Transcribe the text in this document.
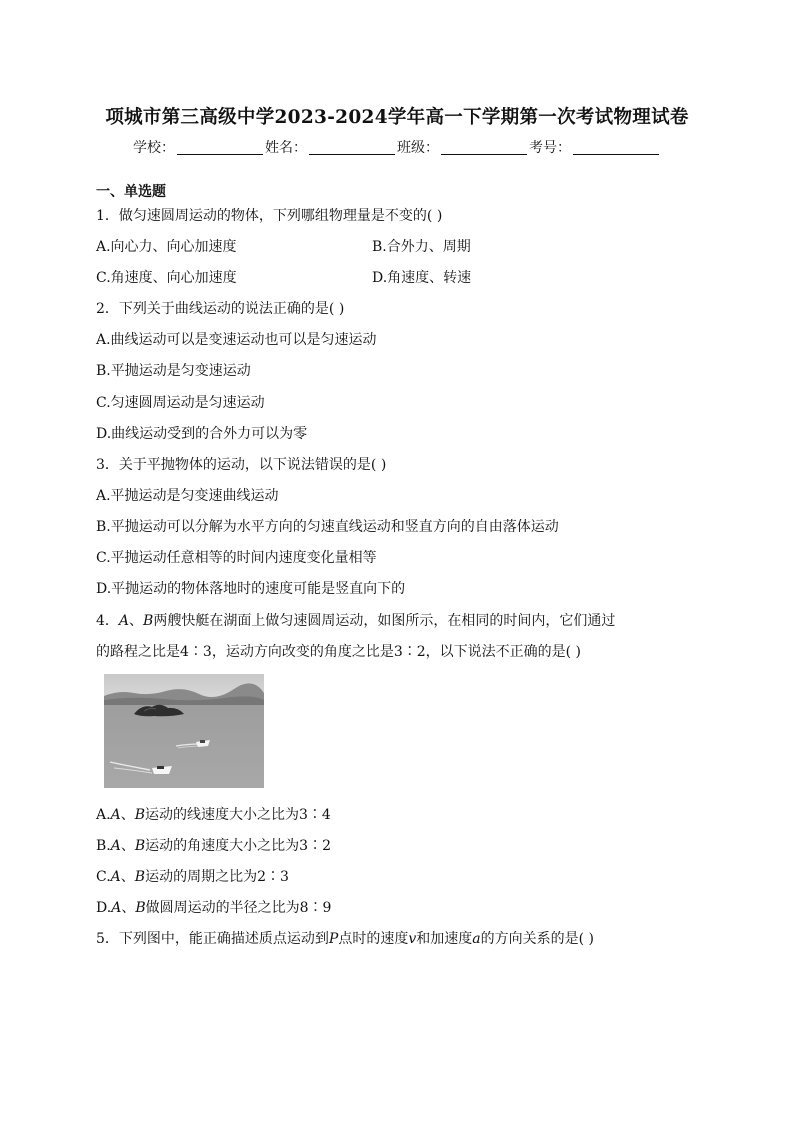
项城市第三高级中学2023-2024学年高一下学期第一次考试物理试卷
学校：	姓名：	班级：	考号：
一、单选题
1．做匀速圆周运动的物体，下列哪组物理量是不变的( )
A.向心力、向心加速度	B.合外力、周期
C.角速度、向心加速度	D.角速度、转速
2．下列关于曲线运动的说法正确的是( )
A.曲线运动可以是变速运动也可以是匀速运动
B.平抛运动是匀变速运动
C.匀速圆周运动是匀速运动
D.曲线运动受到的合外力可以为零
3．关于平抛物体的运动，以下说法错误的是( )
A.平抛运动是匀变速曲线运动
B.平抛运动可以分解为水平方向的匀速直线运动和竖直方向的自由落体运动
C.平抛运动任意相等的时间内速度变化量相等
D.平抛运动的物体落地时的速度可能是竖直向下的
4．A、B两艘快艇在湖面上做匀速圆周运动，如图所示，在相同的时间内，它们通过
的路程之比是4∶3，运动方向改变的角度之比是3∶2，以下说法不正确的是( )
A.A、B运动的线速度大小之比为3∶4
B.A、B运动的角速度大小之比为3∶2
C.A、B运动的周期之比为2∶3
D.A、B做圆周运动的半径之比为8∶9
5．下列图中，能正确描述质点运动到P点时的速度v和加速度a的方向关系的是( )
